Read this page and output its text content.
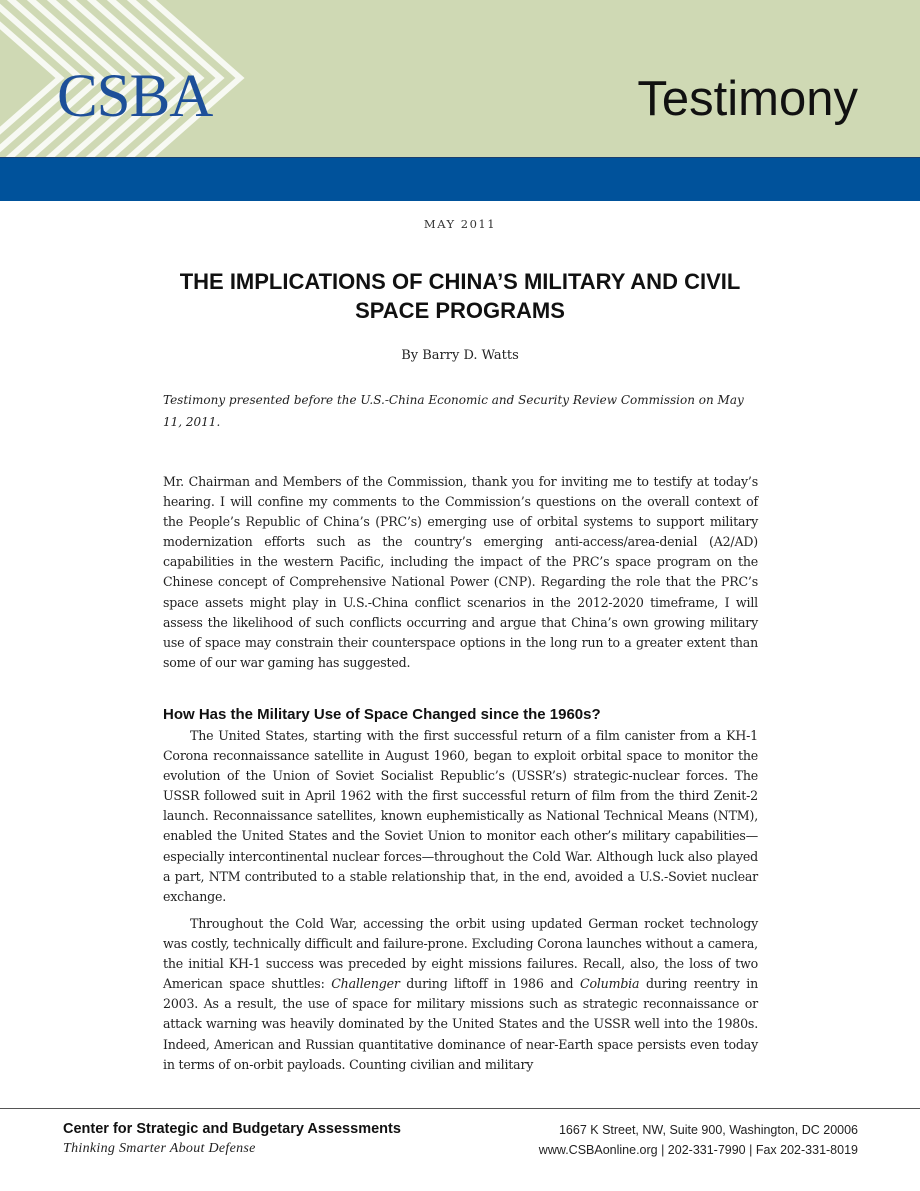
CSBA	Testimony
MAY 2011
THE IMPLICATIONS OF CHINA’S MILITARY AND CIVIL SPACE PROGRAMS
By Barry D. Watts

Testimony presented before the U.S.-China Economic and Security Review Commission on May 11, 2011.

Mr. Chairman and Members of the Commission, thank you for inviting me to testify at today’s hearing. I will confine my comments to the Commission’s questions on the overall context of the People’s Republic of China’s (PRC’s) emerging use of orbital systems to support military modernization efforts such as the country’s emerging anti-access/area-denial (A2/AD) capabilities in the western Pacific, including the impact of the PRC’s space program on the Chinese concept of Comprehensive National Power (CNP). Regarding the role that the PRC’s space assets might play in U.S.-China conflict scenarios in the 2012-2020 timeframe, I will assess the likelihood of such conflicts occurring and argue that China’s own growing military use of space may constrain their counterspace options in the long run to a greater extent than some of our war gaming has suggested.

How Has the Military Use of Space Changed since the 1960s?

The United States, starting with the first successful return of a film canister from a KH-1 Corona reconnaissance satellite in August 1960, began to exploit orbital space to monitor the evolution of the Union of Soviet Socialist Republic’s (USSR’s) strategic-nuclear forces. The USSR followed suit in April 1962 with the first successful return of film from the third Zenit-2 launch. Reconnaissance satellites, known euphemistically as National Technical Means (NTM), enabled the United States and the Soviet Union to monitor each other’s military capabilities—especially intercontinental nuclear forces—throughout the Cold War. Although luck also played a part, NTM contributed to a stable relationship that, in the end, avoided a U.S.-Soviet nuclear exchange.

Throughout the Cold War, accessing the orbit using updated German rocket technology was costly, technically difficult and failure-prone. Excluding Corona launches without a camera, the initial KH-1 success was preceded by eight missions failures. Recall, also, the loss of two American space shuttles: Challenger during liftoff in 1986 and Columbia during reentry in 2003. As a result, the use of space for military missions such as strategic reconnaissance or attack warning was heavily dominated by the United States and the USSR well into the 1980s. Indeed, American and Russian quantitative dominance of near-Earth space persists even today in terms of on-orbit payloads. Counting civilian and military

Center for Strategic and Budgetary Assessments
Thinking Smarter About Defense
1667 K Street, NW, Suite 900, Washington, DC 20006
www.CSBAonline.org | 202-331-7990 | Fax 202-331-8019
